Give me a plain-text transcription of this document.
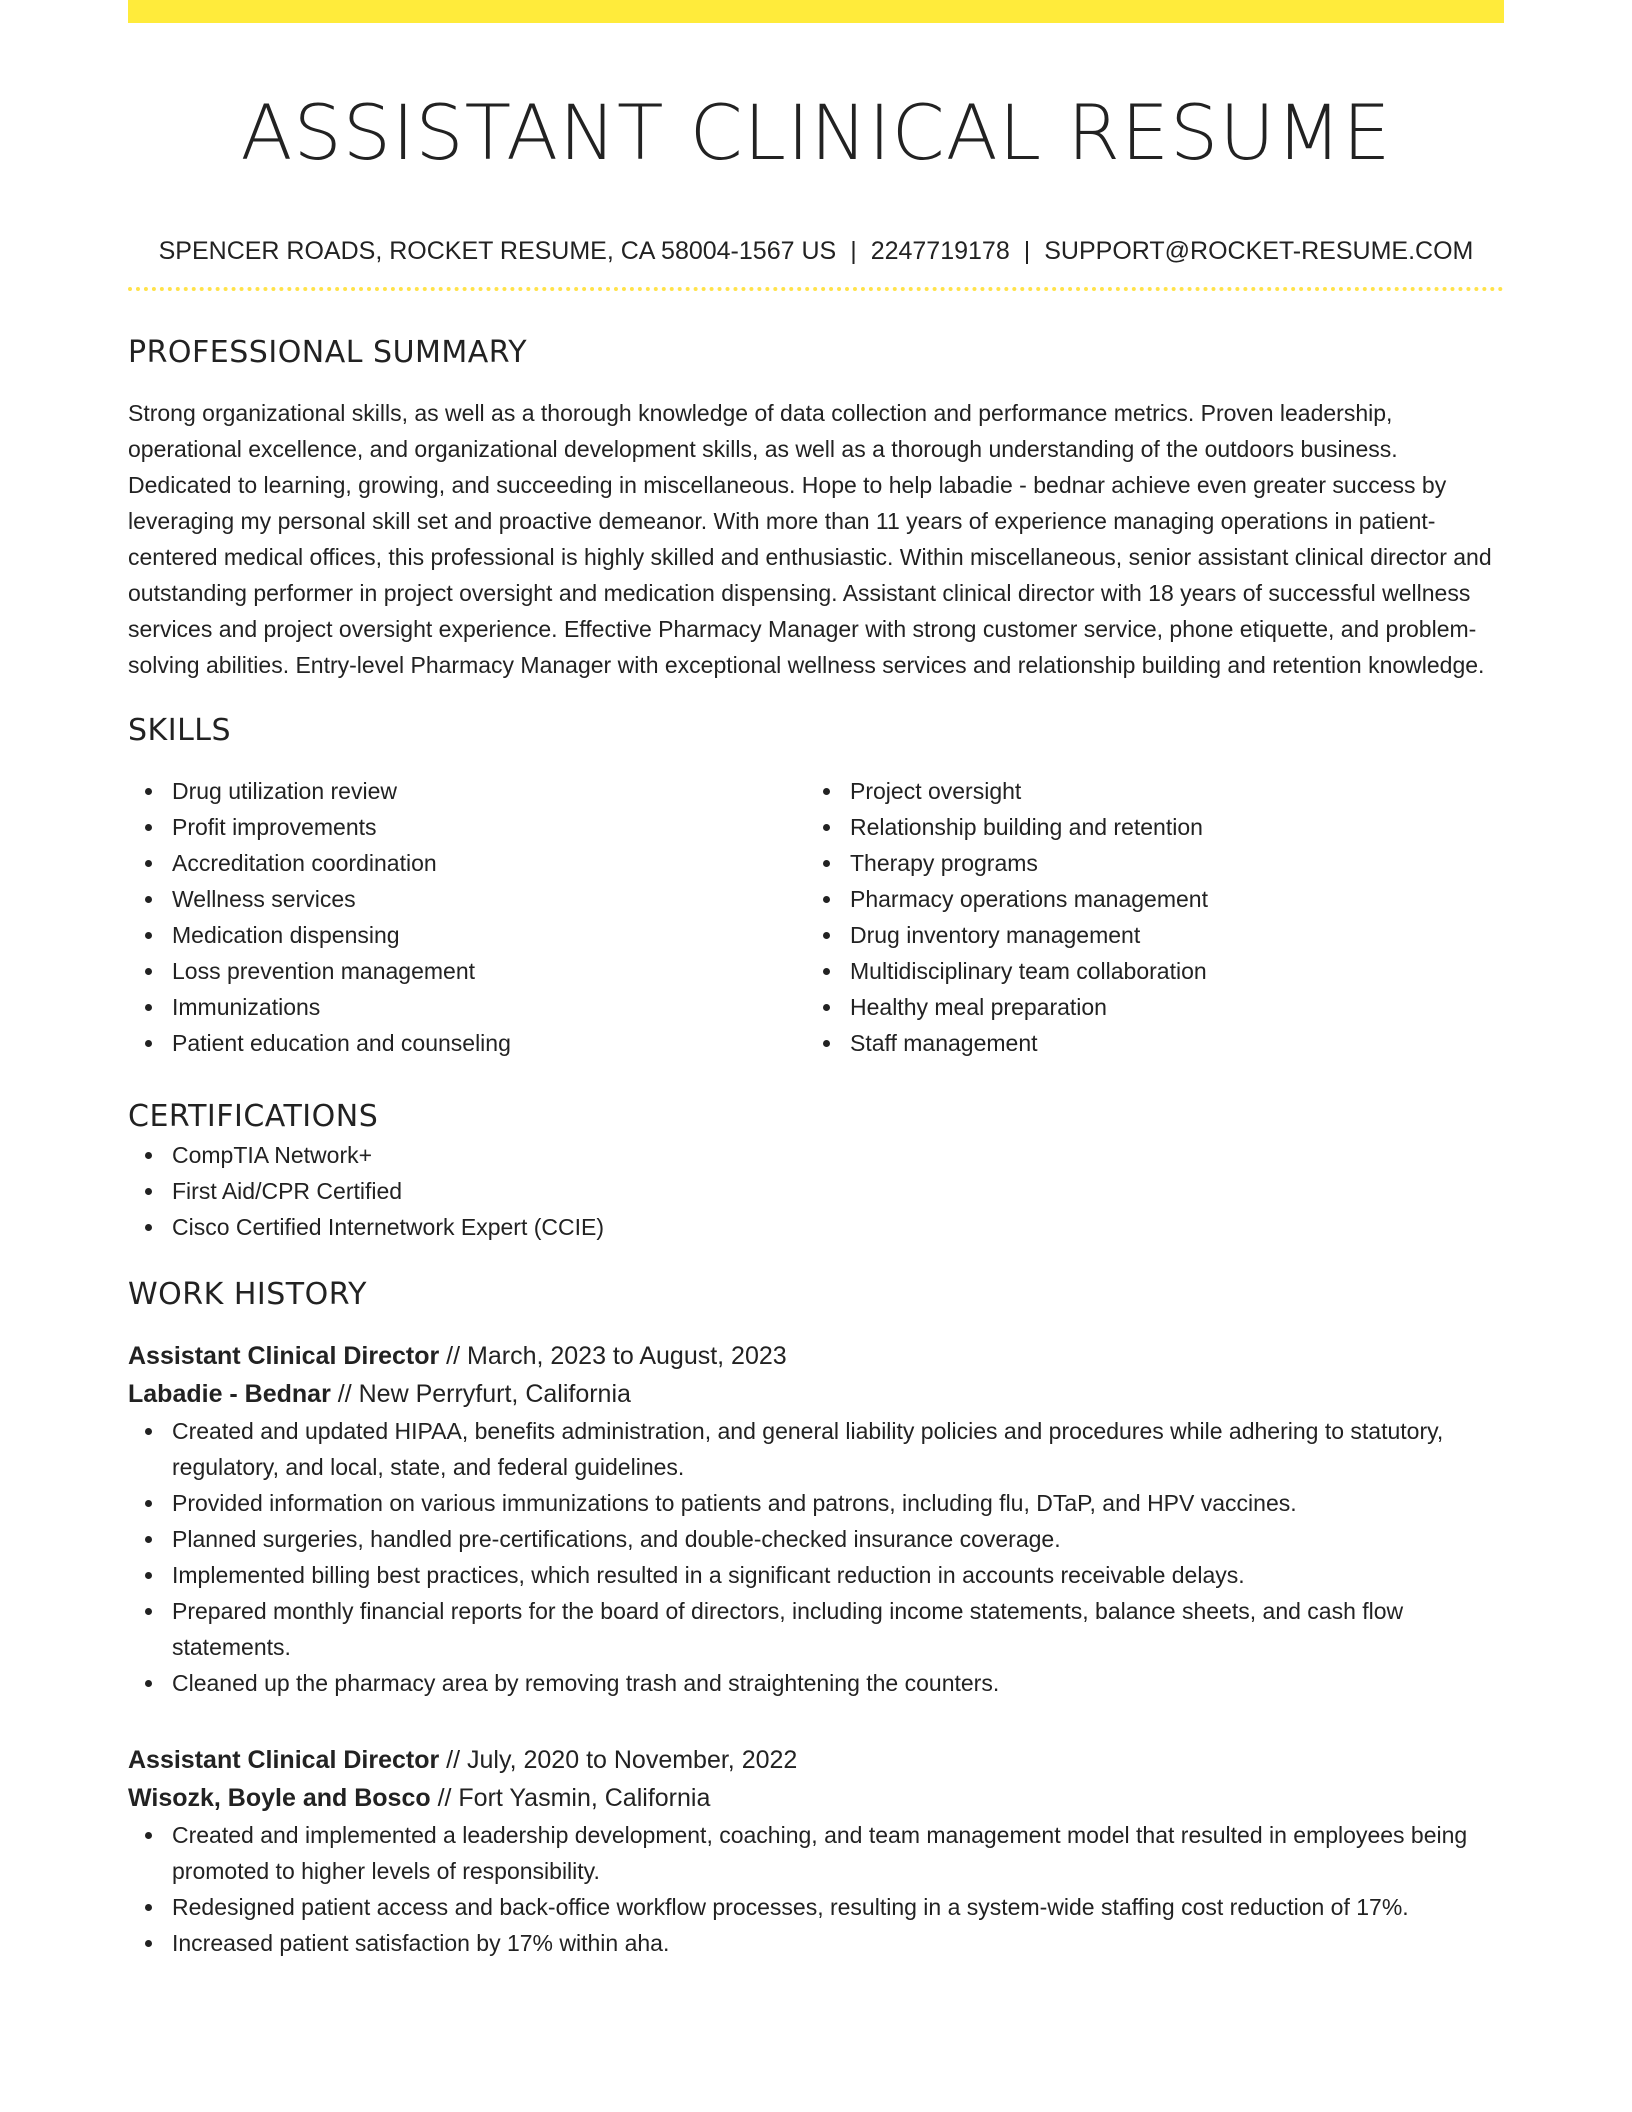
ASSISTANT CLINICAL RESUME
SPENCER ROADS, ROCKET RESUME, CA 58004-1567 US | 2247719178 | SUPPORT@ROCKET-RESUME.COM
PROFESSIONAL SUMMARY
Strong organizational skills, as well as a thorough knowledge of data collection and performance metrics. Proven leadership, operational excellence, and organizational development skills, as well as a thorough understanding of the outdoors business. Dedicated to learning, growing, and succeeding in miscellaneous. Hope to help labadie - bednar achieve even greater success by leveraging my personal skill set and proactive demeanor. With more than 11 years of experience managing operations in patient-centered medical offices, this professional is highly skilled and enthusiastic. Within miscellaneous, senior assistant clinical director and outstanding performer in project oversight and medication dispensing. Assistant clinical director with 18 years of successful wellness services and project oversight experience. Effective Pharmacy Manager with strong customer service, phone etiquette, and problem-solving abilities. Entry-level Pharmacy Manager with exceptional wellness services and relationship building and retention knowledge.
SKILLS
Drug utilization review
Profit improvements
Accreditation coordination
Wellness services
Medication dispensing
Loss prevention management
Immunizations
Patient education and counseling
Project oversight
Relationship building and retention
Therapy programs
Pharmacy operations management
Drug inventory management
Multidisciplinary team collaboration
Healthy meal preparation
Staff management
CERTIFICATIONS
CompTIA Network+
First Aid/CPR Certified
Cisco Certified Internetwork Expert (CCIE)
WORK HISTORY
Assistant Clinical Director // March, 2023 to August, 2023
Labadie - Bednar // New Perryfurt, California
Created and updated HIPAA, benefits administration, and general liability policies and procedures while adhering to statutory, regulatory, and local, state, and federal guidelines.
Provided information on various immunizations to patients and patrons, including flu, DTaP, and HPV vaccines.
Planned surgeries, handled pre-certifications, and double-checked insurance coverage.
Implemented billing best practices, which resulted in a significant reduction in accounts receivable delays.
Prepared monthly financial reports for the board of directors, including income statements, balance sheets, and cash flow statements.
Cleaned up the pharmacy area by removing trash and straightening the counters.
Assistant Clinical Director // July, 2020 to November, 2022
Wisozk, Boyle and Bosco // Fort Yasmin, California
Created and implemented a leadership development, coaching, and team management model that resulted in employees being promoted to higher levels of responsibility.
Redesigned patient access and back-office workflow processes, resulting in a system-wide staffing cost reduction of 17%.
Increased patient satisfaction by 17% within aha.
